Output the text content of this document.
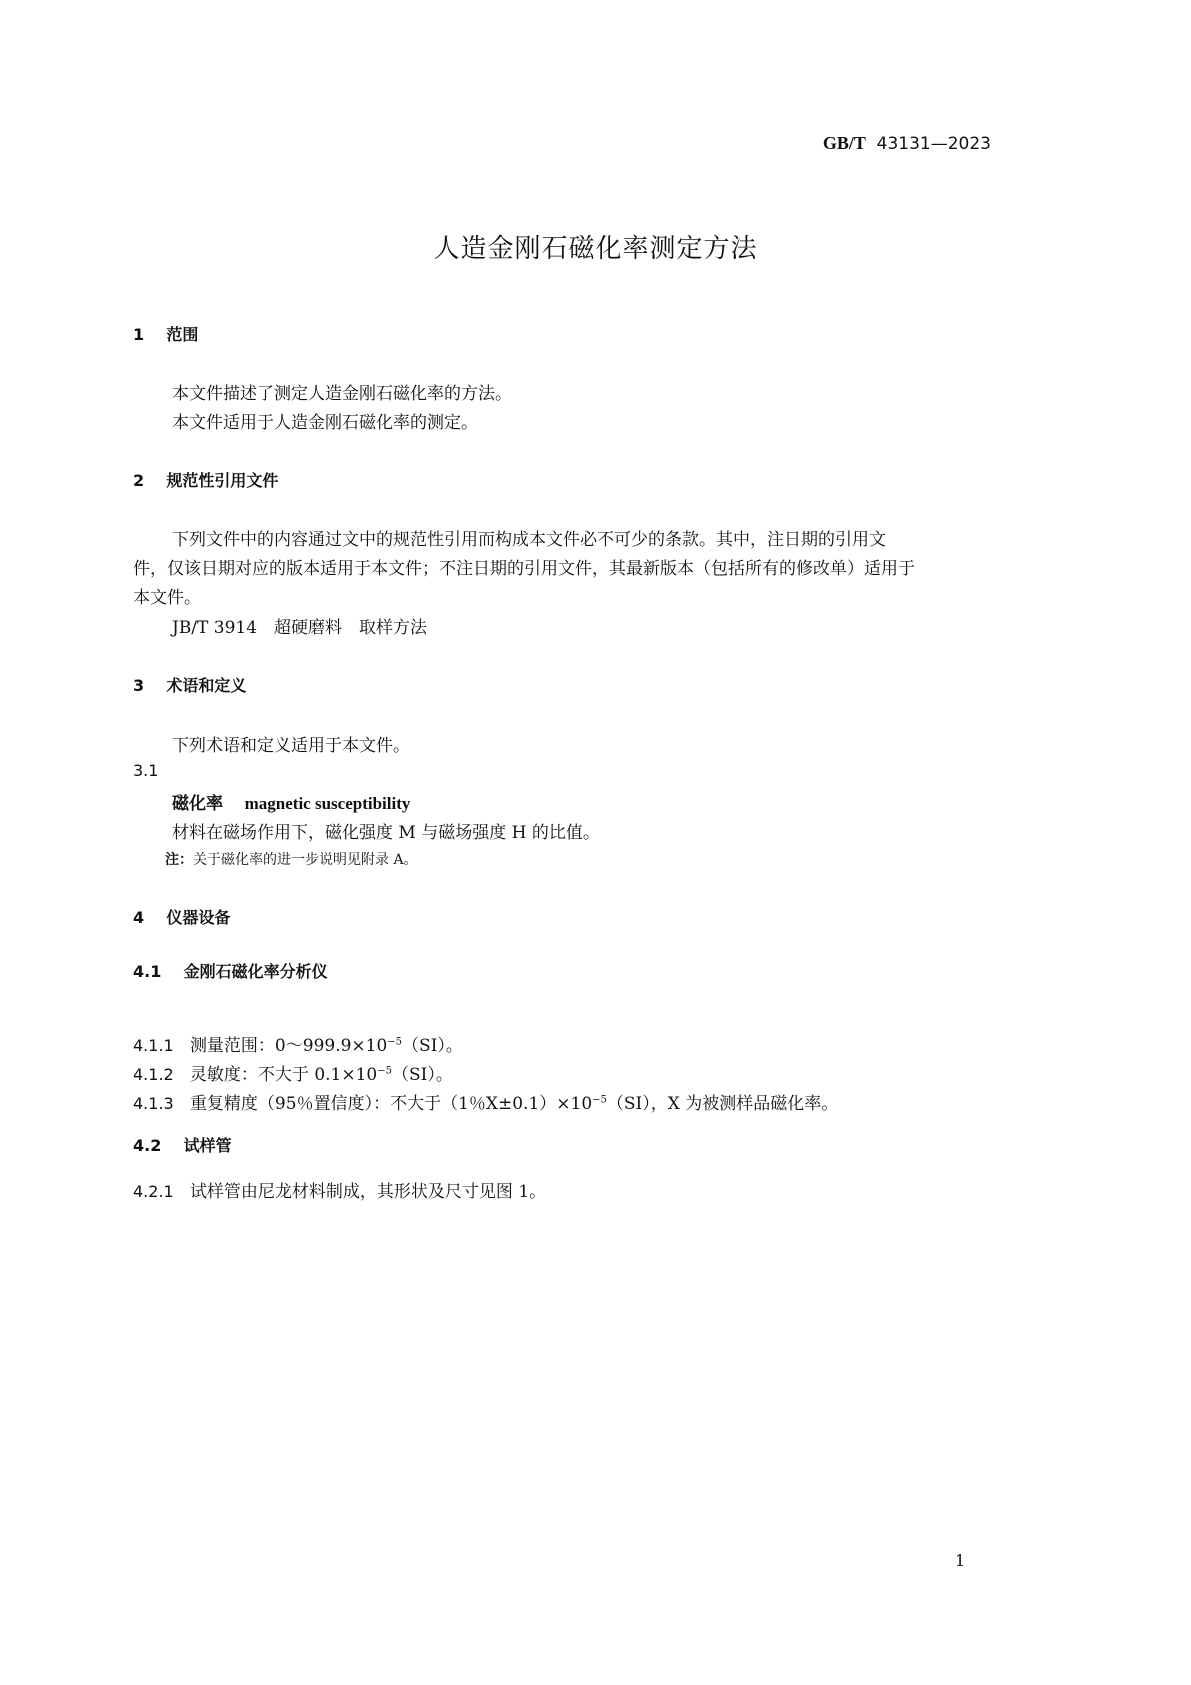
GB/T 43131—2023
人造金刚石磁化率测定方法
1 范围
本文件描述了测定人造金刚石磁化率的方法。
本文件适用于人造金刚石磁化率的测定。
2 规范性引用文件
下列文件中的内容通过文中的规范性引用而构成本文件必不可少的条款。其中，注日期的引用文
件，仅该日期对应的版本适用于本文件；不注日期的引用文件，其最新版本（包括所有的修改单）适用于
本文件。
JB/T 3914　超硬磨料　取样方法
3 术语和定义
下列术语和定义适用于本文件。
3.1
磁化率 magnetic susceptibility
材料在磁场作用下，磁化强度 M 与磁场强度 H 的比值。
注：关于磁化率的进一步说明见附录 A。
4 仪器设备
4.1 金刚石磁化率分析仪
4.1.1 测量范围：$0\sim 999.9\times 10^{-5}(SI)$。
4.1.2 灵敏度：不大于 $0.1\times 10^{-5}(SI)$。
4.1.3 重复精度（95％置信度）：不大于（1％$X\pm 0.1)\times 10^{-5}(SI)$，X 为被测样品磁化率。
4.2 试样管
4.2.1 试样管由尼龙材料制成，其形状及尺寸见图 1。
1
